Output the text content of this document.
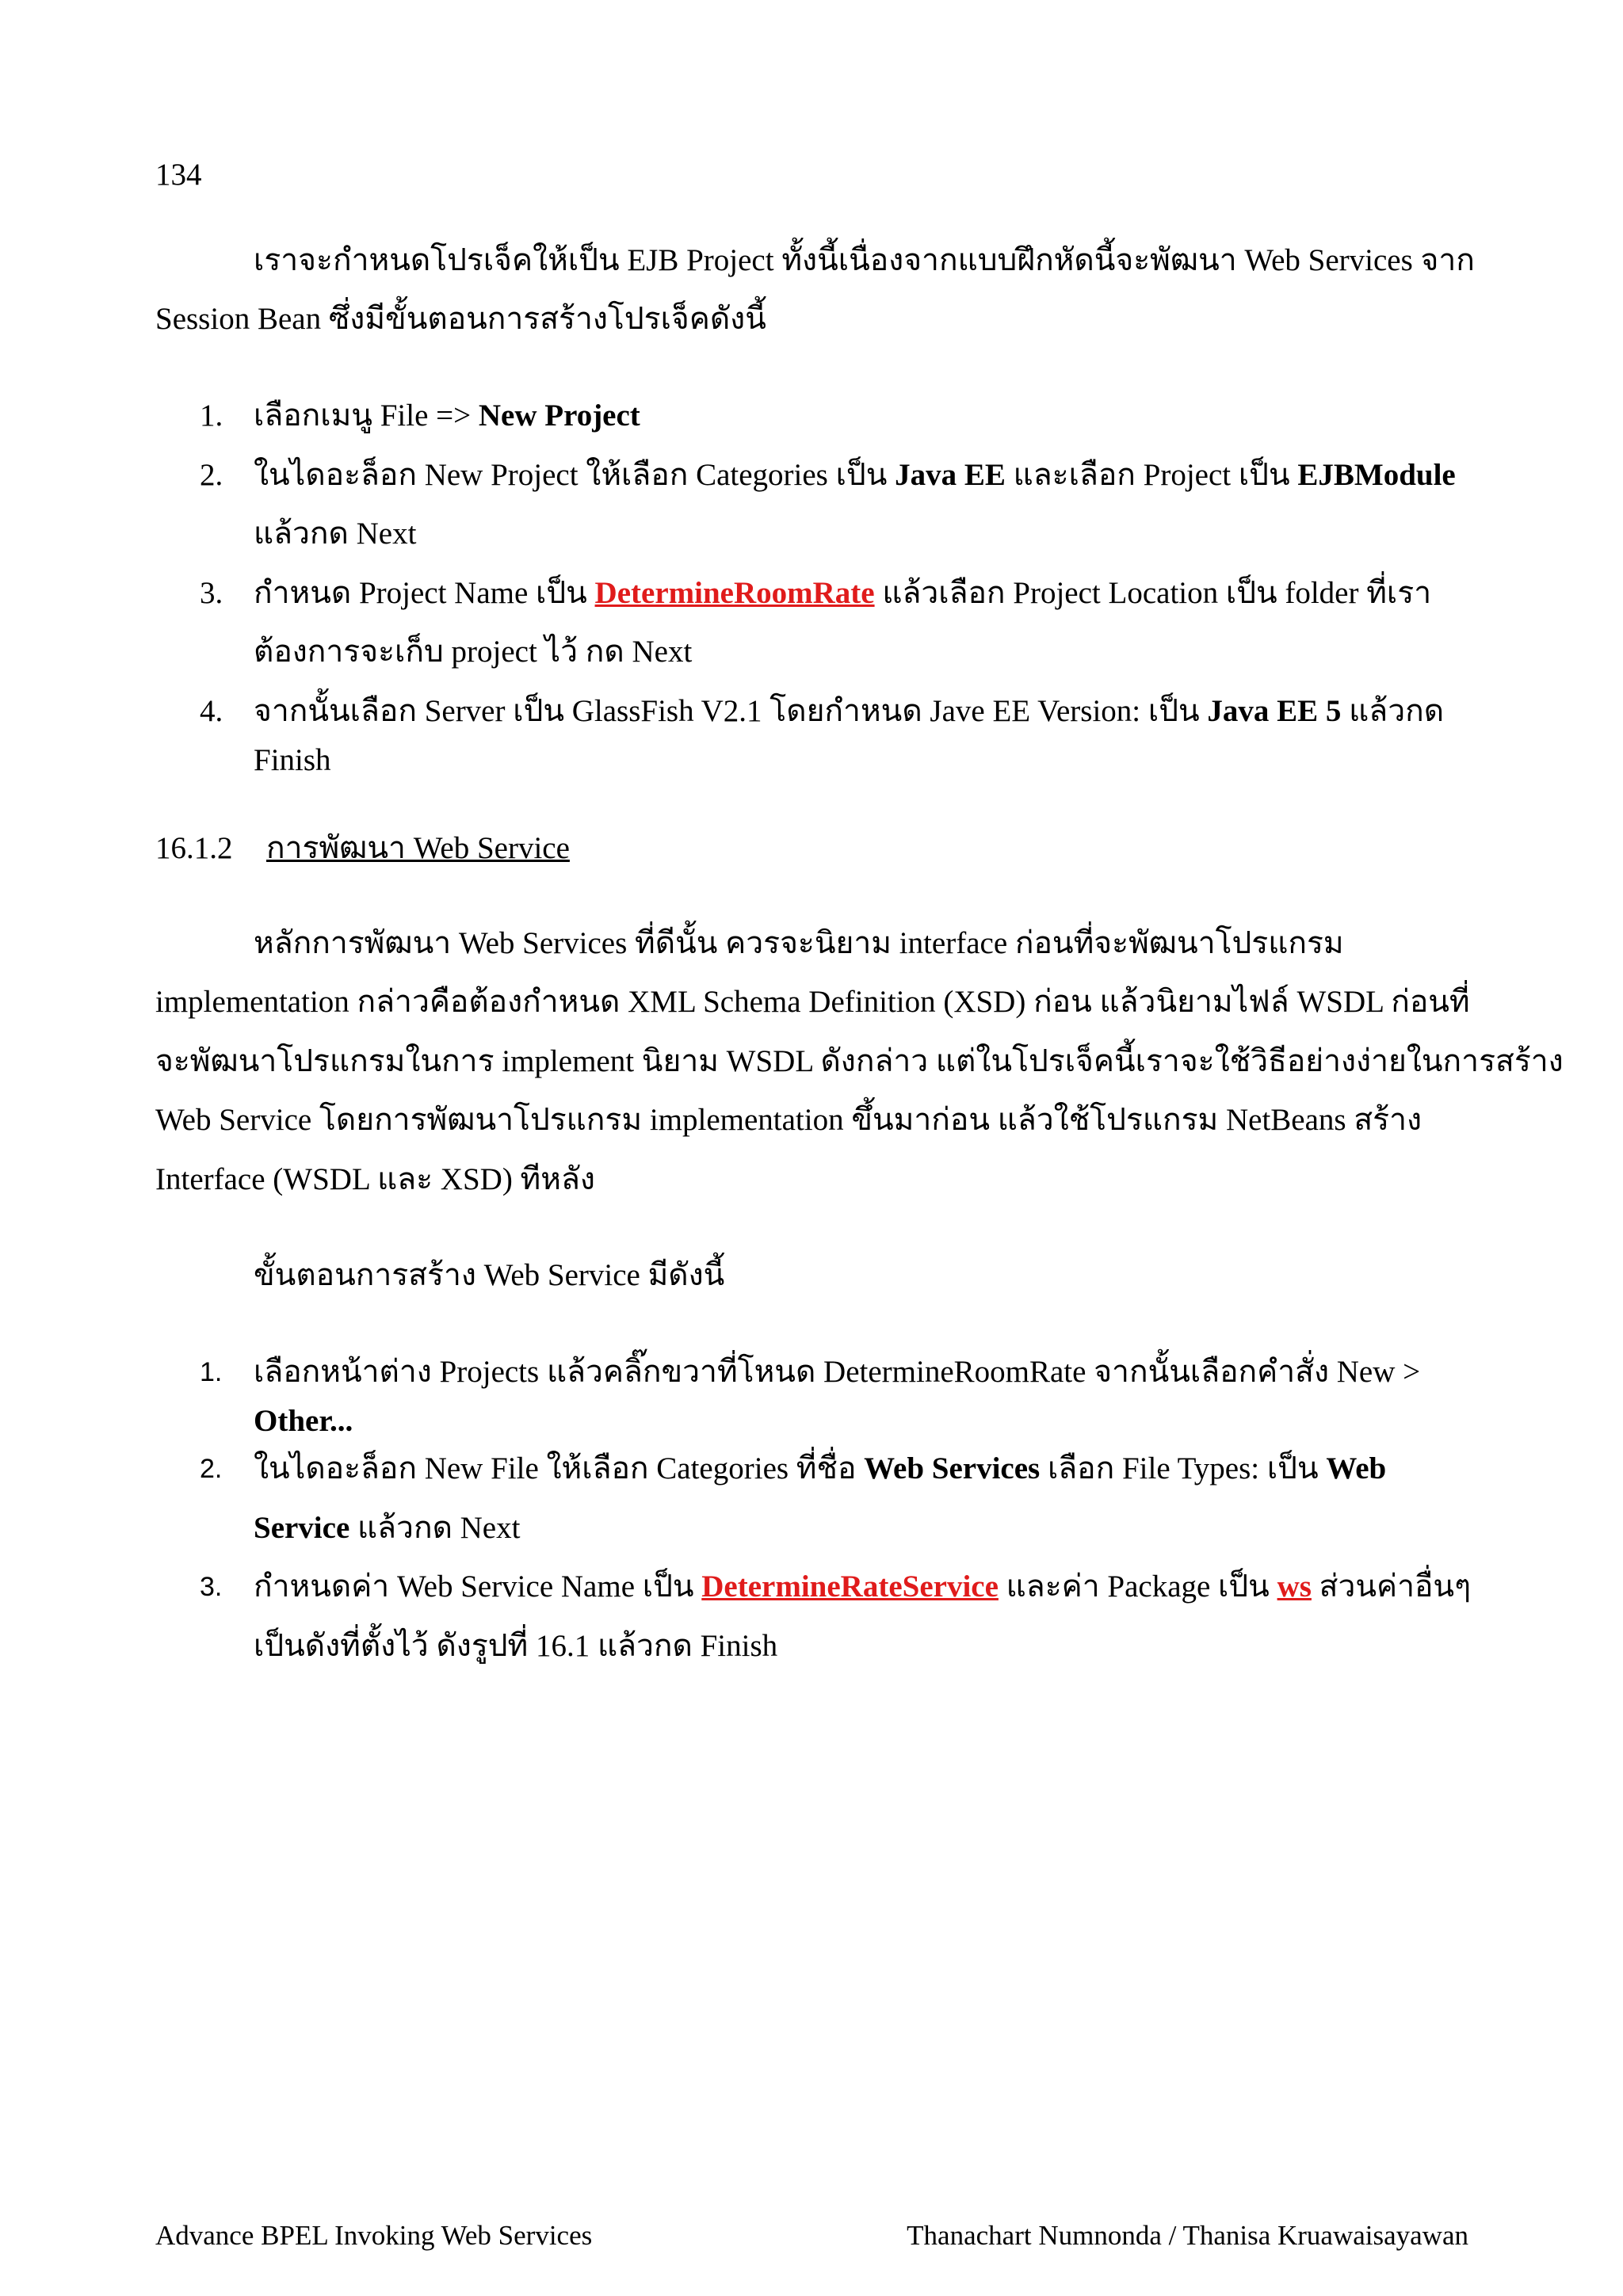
134
เราจะกำหนดโปรเจ็คให้เป็น EJB Project ทั้งนี้เนื่องจากแบบฝึกหัดนี้จะพัฒนา Web Services จาก
Session Bean ซึ่งมีขั้นตอนการสร้างโปรเจ็คดังนี้
1. เลือกเมนู File => New Project
2. ในไดอะล็อก New Project ให้เลือก Categories เป็น Java EE และเลือก Project เป็น EJBModule
แล้วกด Next
3. กำหนด Project Name เป็น DetermineRoomRate แล้วเลือก Project Location เป็น folder ที่เรา
ต้องการจะเก็บ project ไว้ กด Next
4. จากนั้นเลือก Server เป็น GlassFish V2.1 โดยกำหนด Jave EE Version: เป็น Java EE 5 แล้วกด
Finish
16.1.2 การพัฒนา Web Service
หลักการพัฒนา Web Services ที่ดีนั้น ควรจะนิยาม interface ก่อนที่จะพัฒนาโปรแกรม
implementation กล่าวคือต้องกำหนด XML Schema Definition (XSD) ก่อน แล้วนิยามไฟล์ WSDL ก่อนที่
จะพัฒนาโปรแกรมในการ implement นิยาม WSDL ดังกล่าว แต่ในโปรเจ็คนี้เราจะใช้วิธีอย่างง่ายในการสร้าง
Web Service โดยการพัฒนาโปรแกรม implementation ขึ้นมาก่อน แล้วใช้โปรแกรม NetBeans สร้าง
Interface (WSDL และ XSD) ทีหลัง
ขั้นตอนการสร้าง Web Service มีดังนี้
1. เลือกหน้าต่าง Projects แล้วคลิ๊กขวาที่โหนด DetermineRoomRate จากนั้นเลือกคำสั่ง New >
Other...
2. ในไดอะล็อก New File ให้เลือก Categories ที่ชื่อ Web Services เลือก File Types: เป็น Web
Service แล้วกด Next
3. กำหนดค่า Web Service Name เป็น DetermineRateService และค่า Package เป็น ws ส่วนค่าอื่นๆ
เป็นดังที่ตั้งไว้ ดังรูปที่ 16.1 แล้วกด Finish
Advance BPEL Invoking Web Services	Thanachart Numnonda / Thanisa Kruawaisayawan
